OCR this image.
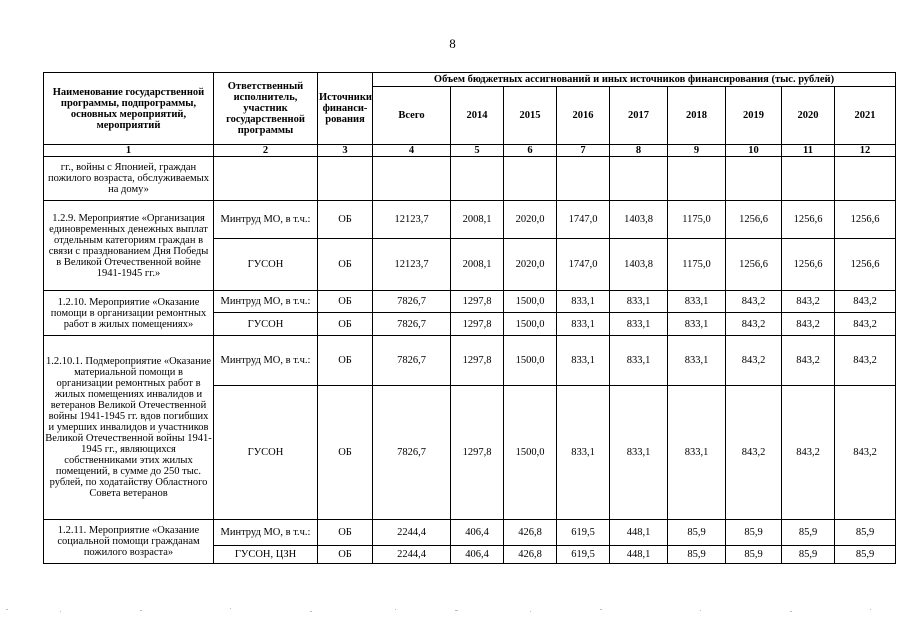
8
Наименование государственной программы, подпрограммы, основных мероприятий, мероприятий	Ответственный исполнитель, участник государственной программы	Источники финанси-рования	Объем бюджетных ассигнований и иных источников финансирования (тыс. рублей)								
			Всего	2014	2015	2016	2017	2018	2019	2020	2021
1	2	3	4	5	6	7	8	9	10	11	12
гг., войны с Японией, граждан пожилого возраста, обслуживаемых на дому»											
1.2.9. Мероприятие «Организация единовременных денежных выплат отдельным категориям граждан в связи с празднованием Дня Победы в Великой Отечественной войне 1941-1945 гг.»	Минтруд МО, в т.ч.:	ОБ	12123,7	2008,1	2020,0	1747,0	1403,8	1175,0	1256,6	1256,6	1256,6
	ГУСОН	ОБ	12123,7	2008,1	2020,0	1747,0	1403,8	1175,0	1256,6	1256,6	1256,6
1.2.10. Мероприятие «Оказание помощи в организации ремонтных работ в жилых помещениях»	Минтруд МО, в т.ч.:	ОБ	7826,7	1297,8	1500,0	833,1	833,1	833,1	843,2	843,2	843,2
	ГУСОН	ОБ	7826,7	1297,8	1500,0	833,1	833,1	833,1	843,2	843,2	843,2
1.2.10.1. Подмероприятие «Оказание материальной помощи в организации ремонтных работ в жилых помещениях инвалидов и ветеранов Великой Отечественной войны 1941-1945 гг. вдов погибших и умерших инвалидов и участников Великой Отечественной войны 1941-1945 гг., являющихся собственниками этих жилых помещений, в сумме до 250 тыс. рублей, по ходатайству Областного Совета ветеранов	Минтруд МО, в т.ч.:	ОБ	7826,7	1297,8	1500,0	833,1	833,1	833,1	843,2	843,2	843,2
	ГУСОН	ОБ	7826,7	1297,8	1500,0	833,1	833,1	833,1	843,2	843,2	843,2
1.2.11. Мероприятие «Оказание социальной помощи гражданам пожилого возраста»	Минтруд МО, в т.ч.:	ОБ	2244,4	406,4	426,8	619,5	448,1	85,9	85,9	85,9	85,9
	ГУСОН, ЦЗН	ОБ	2244,4	406,4	426,8	619,5	448,1	85,9	85,9	85,9	85,9
